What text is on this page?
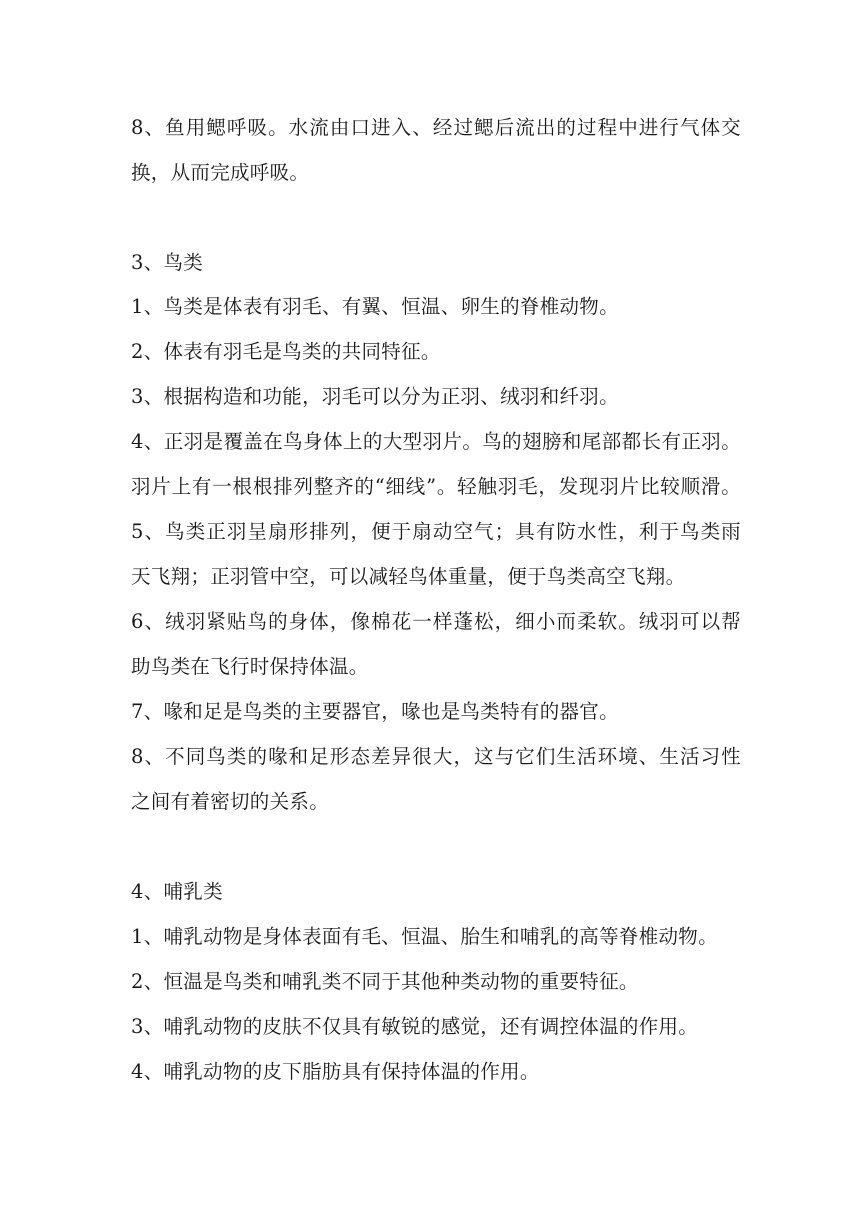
8、鱼用鳃呼吸。水流由口进入、经过鳃后流出的过程中进行气体交
换，从而完成呼吸。
3、鸟类
1、鸟类是体表有羽毛、有翼、恒温、卵生的脊椎动物。
2、体表有羽毛是鸟类的共同特征。
3、根据构造和功能，羽毛可以分为正羽、绒羽和纤羽。
4、正羽是覆盖在鸟身体上的大型羽片。鸟的翅膀和尾部都长有正羽。
羽片上有一根根排列整齐的“细线”。轻触羽毛，发现羽片比较顺滑。
5、鸟类正羽呈扇形排列，便于扇动空气；具有防水性，利于鸟类雨
天飞翔；正羽管中空，可以减轻鸟体重量，便于鸟类高空飞翔。
6、绒羽紧贴鸟的身体，像棉花一样蓬松，细小而柔软。绒羽可以帮
助鸟类在飞行时保持体温。
7、喙和足是鸟类的主要器官，喙也是鸟类特有的器官。
8、不同鸟类的喙和足形态差异很大，这与它们生活环境、生活习性
之间有着密切的关系。
4、哺乳类
1、哺乳动物是身体表面有毛、恒温、胎生和哺乳的高等脊椎动物。
2、恒温是鸟类和哺乳类不同于其他种类动物的重要特征。
3、哺乳动物的皮肤不仅具有敏锐的感觉，还有调控体温的作用。
4、哺乳动物的皮下脂肪具有保持体温的作用。
